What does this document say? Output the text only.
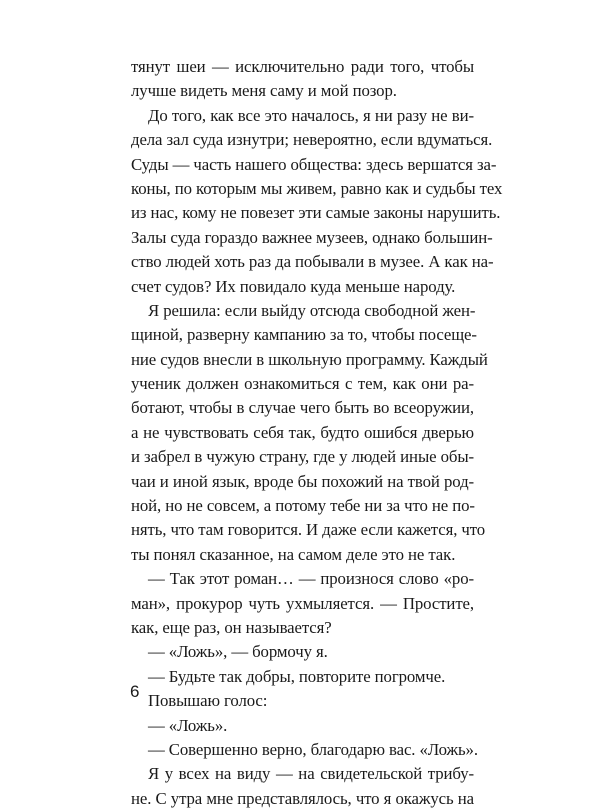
тянут шеи — исключительно ради того, чтобы
лучше видеть меня саму и мой позор.
До того, как все это началось, я ни разу не ви-
дела зал суда изнутри; невероятно, если вдуматься.
Суды — часть нашего общества: здесь вершатся за-
коны, по которым мы живем, равно как и судьбы тех
из нас, кому не повезет эти самые законы нарушить.
Залы суда гораздо важнее музеев, однако большин-
ство людей хоть раз да побывали в музее. А как на-
счет судов? Их повидало куда меньше народу.
Я решила: если выйду отсюда свободной жен-
щиной, разверну кампанию за то, чтобы посеще-
ние судов внесли в школьную программу. Каждый
ученик должен ознакомиться с тем, как они ра-
ботают, чтобы в случае чего быть во всеоружии,
а не чувствовать себя так, будто ошибся дверью
и забрел в чужую страну, где у людей иные обы-
чаи и иной язык, вроде бы похожий на твой род-
ной, но не совсем, а потому тебе ни за что не по-
нять, что там говорится. И даже если кажется, что
ты понял сказанное, на самом деле это не так.
— Так этот роман… — произнося слово «ро-
ман», прокурор чуть ухмыляется. — Простите,
как, еще раз, он называется?
— «Ложь», — бормочу я.
— Будьте так добры, повторите погромче.
Повышаю голос:
— «Ложь».
— Совершенно верно, благодарю вас. «Ложь».
Я у всех на виду — на свидетельской трибу-
не. С утра мне представлялось, что я окажусь на
6
